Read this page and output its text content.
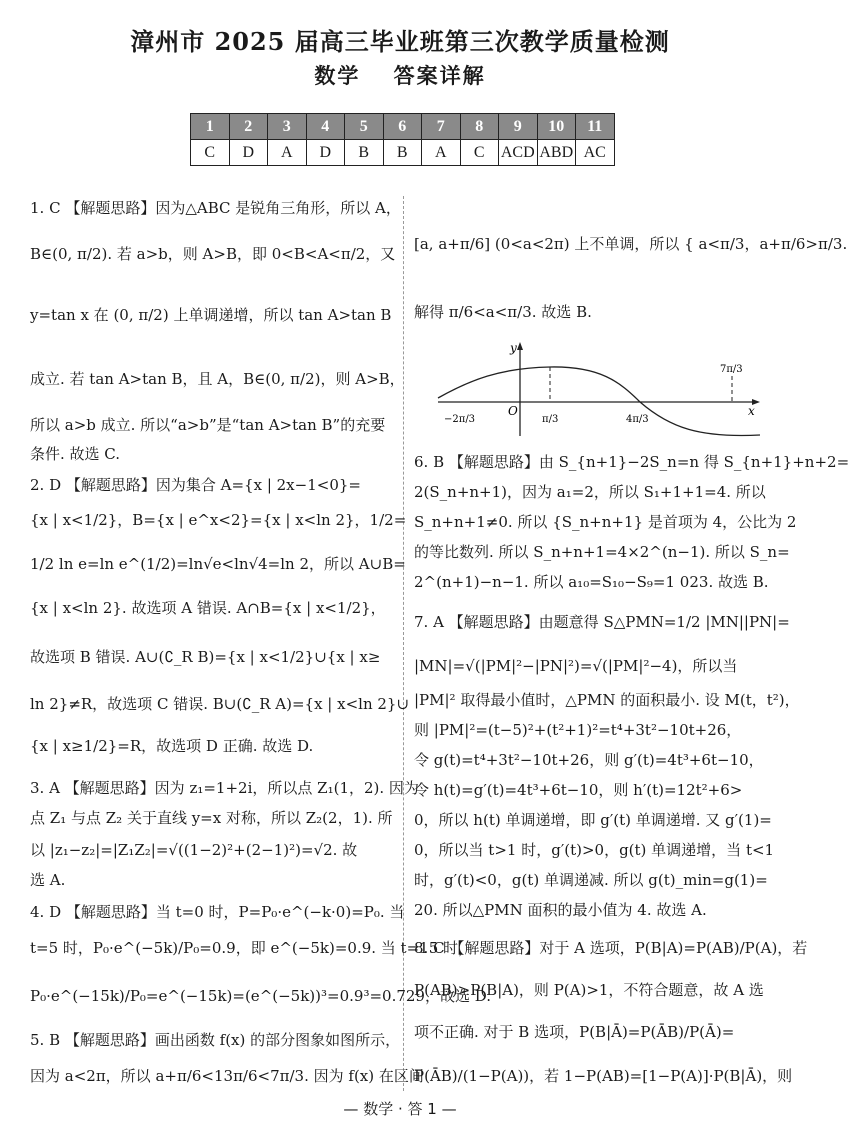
漳州市 2025 届高三毕业班第三次教学质量检测
数学 答案详解
1	2	3	4	5	6	7	8	9	10	11
C	D	A	D	B	B	A	C	ACD	ABD	AC
1. C 【解题思路】因为△ABC 是锐角三角形，所以 A，
B∈(0, π/2). 若 a>b，则 A>B，即 0<B<A<π/2，又
y=tan x 在 (0, π/2) 上单调递增，所以 tan A>tan B
成立. 若 tan A>tan B，且 A，B∈(0, π/2)，则 A>B，
所以 a>b 成立. 所以“a>b”是“tan A>tan B”的充要
条件. 故选 C.
2. D 【解题思路】因为集合 A={x | 2x−1<0}=
{x | x<1/2}，B={x | e^x<2}={x | x<ln 2}，1/2=
1/2 ln e=ln e^(1/2)=ln√e<ln√4=ln 2，所以 A∪B=
{x | x<ln 2}. 故选项 A 错误. A∩B={x | x<1/2}，
故选项 B 错误. A∪(∁_R B)={x | x<1/2}∪{x | x≥
ln 2}≠R，故选项 C 错误. B∪(∁_R A)={x | x<ln 2}∪
{x | x≥1/2}=R，故选项 D 正确. 故选 D.
3. A 【解题思路】因为 z₁=1+2i，所以点 Z₁(1，2). 因为
点 Z₁ 与点 Z₂ 关于直线 y=x 对称，所以 Z₂(2，1). 所
以 |z₁−z₂|=|Z₁Z₂|=√((1−2)²+(2−1)²)=√2. 故
选 A.
4. D 【解题思路】当 t=0 时，P=P₀·e^(−k·0)=P₀. 当
t=5 时，P₀·e^(−5k)/P₀=0.9，即 e^(−5k)=0.9. 当 t=15 时，
P₀·e^(−15k)/P₀=e^(−15k)=(e^(−5k))³=0.9³=0.729，故选 D.
5. B 【解题思路】画出函数 f(x) 的部分图象如图所示，
因为 a<2π，所以 a+π/6<13π/6<7π/3. 因为 f(x) 在区间
[a, a+π/6] (0<a<2π) 上不单调，所以 { a<π/3，a+π/6>π/3.
解得 π/6<a<π/3. 故选 B.
6. B 【解题思路】由 S_{n+1}−2S_n=n 得 S_{n+1}+n+2=
2(S_n+n+1)，因为 a₁=2，所以 S₁+1+1=4. 所以
S_n+n+1≠0. 所以 {S_n+n+1} 是首项为 4，公比为 2
的等比数列. 所以 S_n+n+1=4×2^(n−1). 所以 S_n=
2^(n+1)−n−1. 所以 a₁₀=S₁₀−S₉=1 023. 故选 B.
7. A 【解题思路】由题意得 S△PMN=1/2 |MN||PN|=
|MN|=√(|PM|²−|PN|²)=√(|PM|²−4)，所以当
|PM|² 取得最小值时，△PMN 的面积最小. 设 M(t，t²)，
则 |PM|²=(t−5)²+(t²+1)²=t⁴+3t²−10t+26，
令 g(t)=t⁴+3t²−10t+26，则 g′(t)=4t³+6t−10，
令 h(t)=g′(t)=4t³+6t−10，则 h′(t)=12t²+6>
0，所以 h(t) 单调递增，即 g′(t) 单调递增. 又 g′(1)=
0，所以当 t>1 时，g′(t)>0，g(t) 单调递增，当 t<1
时，g′(t)<0，g(t) 单调递减. 所以 g(t)_min=g(1)=
20. 所以△PMN 面积的最小值为 4. 故选 A.
8. C 【解题思路】对于 A 选项，P(B|A)=P(AB)/P(A)，若
P(AB)>P(B|A)，则 P(A)>1，不符合题意，故 A 选
项不正确. 对于 B 选项，P(B|Ā)=P(ĀB)/P(Ā)=
P(ĀB)/(1−P(A))，若 1−P(AB)=[1−P(A)]·P(B|Ā)，则
y
x
O
−2π/3	π/3	4π/3
7π/3
— 数学 · 答 1 —
